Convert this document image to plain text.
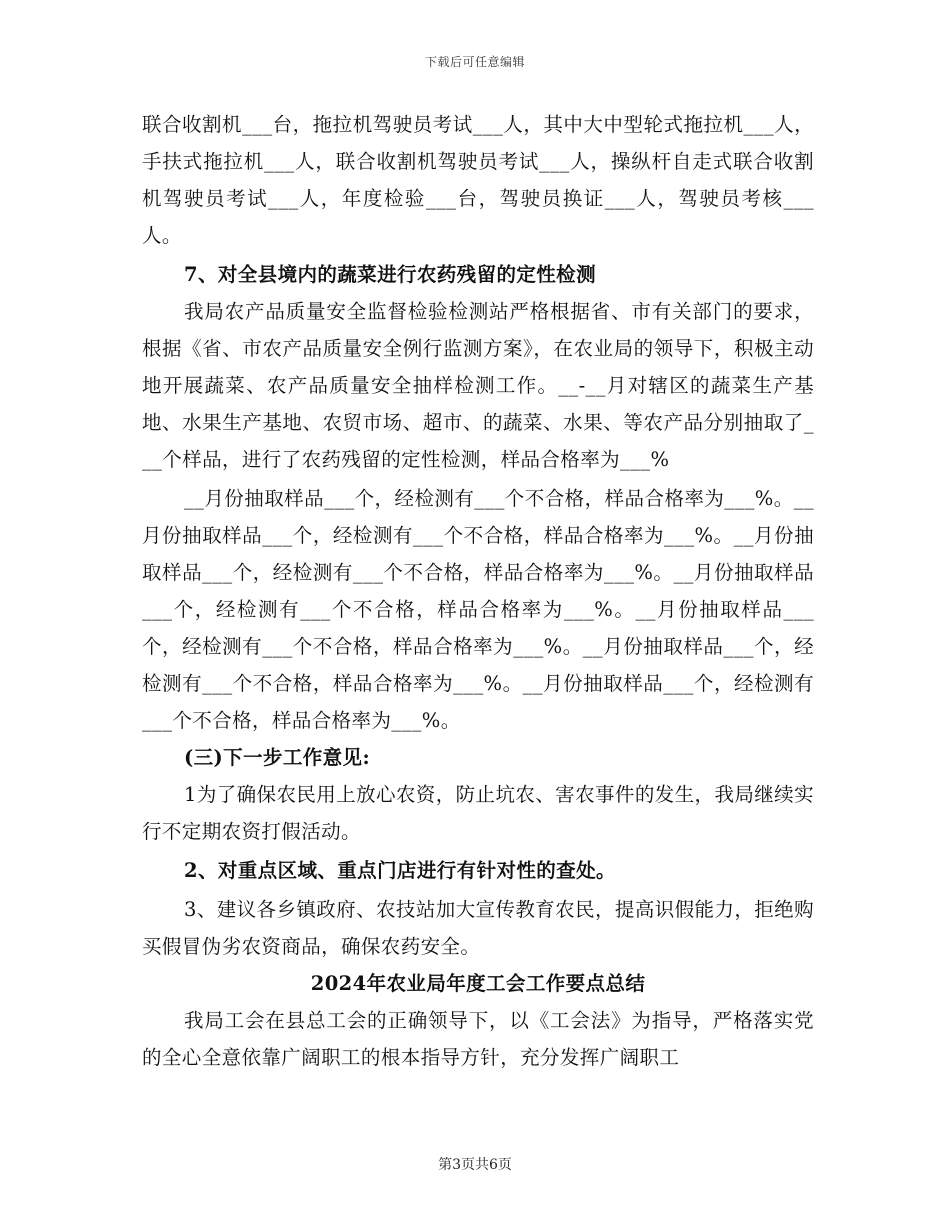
下载后可任意编辑

联合收割机___台，拖拉机驾驶员考试___人，其中大中型轮式拖拉机___人，手扶式拖拉机___人，联合收割机驾驶员考试___人，操纵杆自走式联合收割机驾驶员考试___人，年度检验___台，驾驶员换证___人，驾驶员考核___人。

7、对全县境内的蔬菜进行农药残留的定性检测

我局农产品质量安全监督检验检测站严格根据省、市有关部门的要求，根据《省、市农产品质量安全例行监测方案》，在农业局的领导下，积极主动地开展蔬菜、农产品质量安全抽样检测工作。__-__月对辖区的蔬菜生产基地、水果生产基地、农贸市场、超市、的蔬菜、水果、等农产品分别抽取了___个样品，进行了农药残留的定性检测，样品合格率为___%

__月份抽取样品___个，经检测有___个不合格，样品合格率为___%。__月份抽取样品___个，经检测有___个不合格，样品合格率为___%。__月份抽取样品___个，经检测有___个不合格，样品合格率为___%。__月份抽取样品___个，经检测有___个不合格，样品合格率为___%。__月份抽取样品___个，经检测有___个不合格，样品合格率为___%。__月份抽取样品___个，经检测有___个不合格，样品合格率为___%。__月份抽取样品___个，经检测有___个不合格，样品合格率为___%。

(三)下一步工作意见:

1为了确保农民用上放心农资，防止坑农、害农事件的发生，我局继续实行不定期农资打假活动。

2、对重点区域、重点门店进行有针对性的查处。

3、建议各乡镇政府、农技站加大宣传教育农民，提高识假能力，拒绝购买假冒伪劣农资商品，确保农药安全。

2024年农业局年度工会工作要点总结

我局工会在县总工会的正确领导下，以《工会法》为指导，严格落实党的全心全意依靠广阔职工的根本指导方针，充分发挥广阔职工

第3页共6页
